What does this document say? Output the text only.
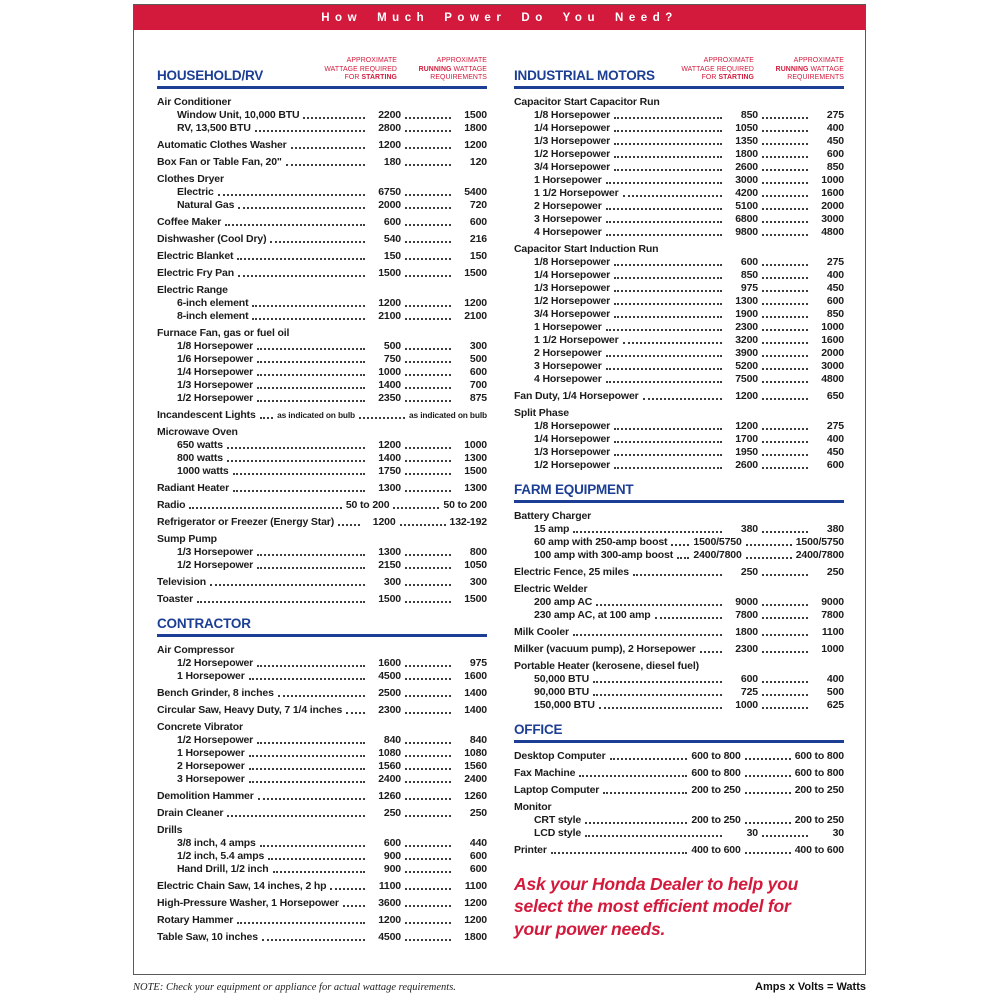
How Much Power Do You Need?
HOUSEHOLD/RV
APPROXIMATE
WATTAGE REQUIRED
FOR STARTING
APPROXIMATE
RUNNING WATTAGE
REQUIREMENTS
Air Conditioner
Window Unit, 10,000 BTU	2200	1500
RV, 13,500 BTU	2800	1800
Automatic Clothes Washer	1200	1200
Box Fan or Table Fan, 20"	180	120
Clothes Dryer
Electric	6750	5400
Natural Gas	2000	720
Coffee Maker	600	600
Dishwasher (Cool Dry)	540	216
Electric Blanket	150	150
Electric Fry Pan	1500	1500
Electric Range
6-inch element	1200	1200
8-inch element	2100	2100
Furnace Fan, gas or fuel oil
1/8 Horsepower	500	300
1/6 Horsepower	750	500
1/4 Horsepower	1000	600
1/3 Horsepower	1400	700
1/2 Horsepower	2350	875
Incandescent Lights	as indicated on bulb	as indicated on bulb
Microwave Oven
650 watts	1200	1000
800 watts	1400	1300
1000 watts	1750	1500
Radiant Heater	1300	1300
Radio	50 to 200	50 to 200
Refrigerator or Freezer (Energy Star)	1200	132-192
Sump Pump
1/3 Horsepower	1300	800
1/2 Horsepower	2150	1050
Television	300	300
Toaster	1500	1500
CONTRACTOR
Air Compressor
1/2 Horsepower	1600	975
1 Horsepower	4500	1600
Bench Grinder, 8 inches	2500	1400
Circular Saw, Heavy Duty, 7 1/4 inches	2300	1400
Concrete Vibrator
1/2 Horsepower	840	840
1 Horsepower	1080	1080
2 Horsepower	1560	1560
3 Horsepower	2400	2400
Demolition Hammer	1260	1260
Drain Cleaner	250	250
Drills
3/8 inch, 4 amps	600	440
1/2 inch, 5.4 amps	900	600
Hand Drill, 1/2 inch	900	600
Electric Chain Saw, 14 inches, 2 hp	1100	1100
High-Pressure Washer, 1 Horsepower	3600	1200
Rotary Hammer	1200	1200
Table Saw, 10 inches	4500	1800
INDUSTRIAL MOTORS
APPROXIMATE
WATTAGE REQUIRED
FOR STARTING
APPROXIMATE
RUNNING WATTAGE
REQUIREMENTS
Capacitor Start Capacitor Run
1/8 Horsepower	850	275
1/4 Horsepower	1050	400
1/3 Horsepower	1350	450
1/2 Horsepower	1800	600
3/4 Horsepower	2600	850
1 Horsepower	3000	1000
1 1/2 Horsepower	4200	1600
2 Horsepower	5100	2000
3 Horsepower	6800	3000
4 Horsepower	9800	4800
Capacitor Start Induction Run
1/8 Horsepower	600	275
1/4 Horsepower	850	400
1/3 Horsepower	975	450
1/2 Horsepower	1300	600
3/4 Horsepower	1900	850
1 Horsepower	2300	1000
1 1/2 Horsepower	3200	1600
2 Horsepower	3900	2000
3 Horsepower	5200	3000
4 Horsepower	7500	4800
Fan Duty, 1/4 Horsepower	1200	650
Split Phase
1/8 Horsepower	1200	275
1/4 Horsepower	1700	400
1/3 Horsepower	1950	450
1/2 Horsepower	2600	600
FARM EQUIPMENT
Battery Charger
15 amp	380	380
60 amp with 250-amp boost 1500/5750	1500/5750
100 amp with 300-amp boost 2400/7800	2400/7800
Electric Fence, 25 miles	250	250
Electric Welder
200 amp AC	9000	9000
230 amp AC, at 100 amp	7800	7800
Milk Cooler	1800	1100
Milker (vacuum pump), 2 Horsepower	2300	1000
Portable Heater (kerosene, diesel fuel)
50,000 BTU	600	400
90,000 BTU	725	500
150,000 BTU	1000	625
OFFICE
Desktop Computer	600 to 800	600 to 800
Fax Machine	600 to 800	600 to 800
Laptop Computer	200 to 250	200 to 250
Monitor
CRT style	200 to 250	200 to 250
LCD style	30	30
Printer	400 to 600	400 to 600
Ask your Honda Dealer to help you
select the most efficient model for
your power needs.
NOTE: Check your equipment or appliance for actual wattage requirements.	Amps x Volts = Watts
